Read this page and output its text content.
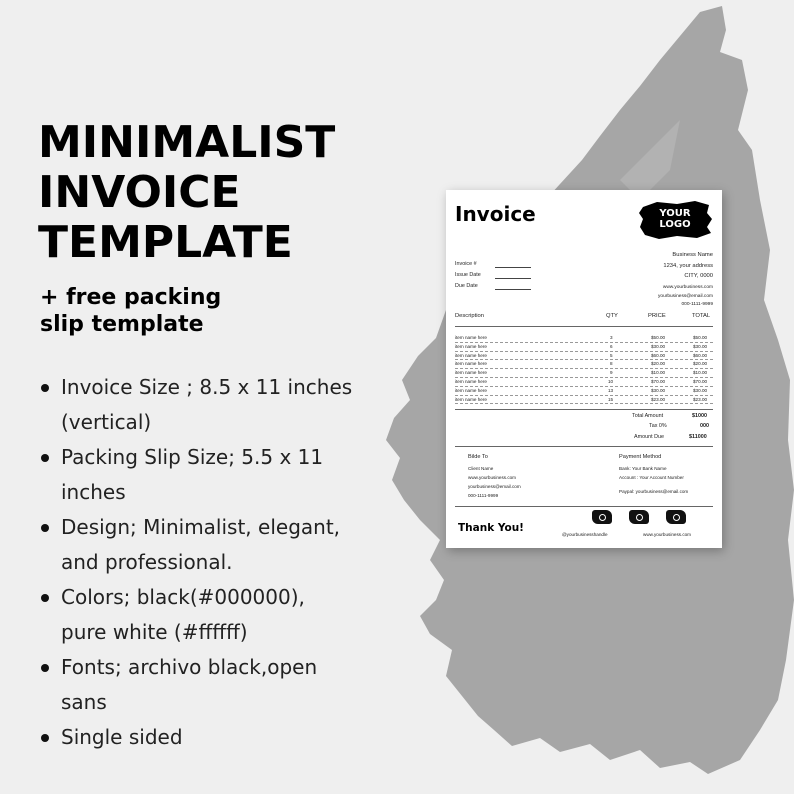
MINIMALIST
INVOICE
TEMPLATE
+ free packing
slip template
Invoice Size ; 8.5 x 11 inches
(vertical)
Packing Slip Size; 5.5 x 11
inches
Design; Minimalist, elegant,
and professional.
Colors; black(#000000),
pure white (#ffffff)
Fonts; archivo black,open
sans
Single sided
Invoice	YOUR
LOGO
Business Name
1234, your address
CITY, 0000
www.yourbusiness.com
yourbusiness@email.com
000-1111-9999
Invoice #
Issue Date
Due Date
Description	QTY	PRICE	TOTAL
item name here	3	$50.00	$50.00
item name here	6	$30.00	$30.00
item name here	5	$60.00	$60.00
item name here	8	$20.00	$20.00
item name here	9	$10.00	$10.00
item name here	10	$70.00	$70.00
item name here	13	$30.00	$30.00
item name here	15	$23.00	$23.00
Total Amount	$1000
Tax 0%	000
Amount Due	$11000
Bilde To
Client Name
www.yourbusiness.com
yourbusiness@email.com
000-1111-9999
Payment Method
Bank: Your Bank Name
Account : Your Account Number
Paypal: yourbusiness@email.com
Thank You!
@yourbusinesshandle	www.yourbusiness.com
